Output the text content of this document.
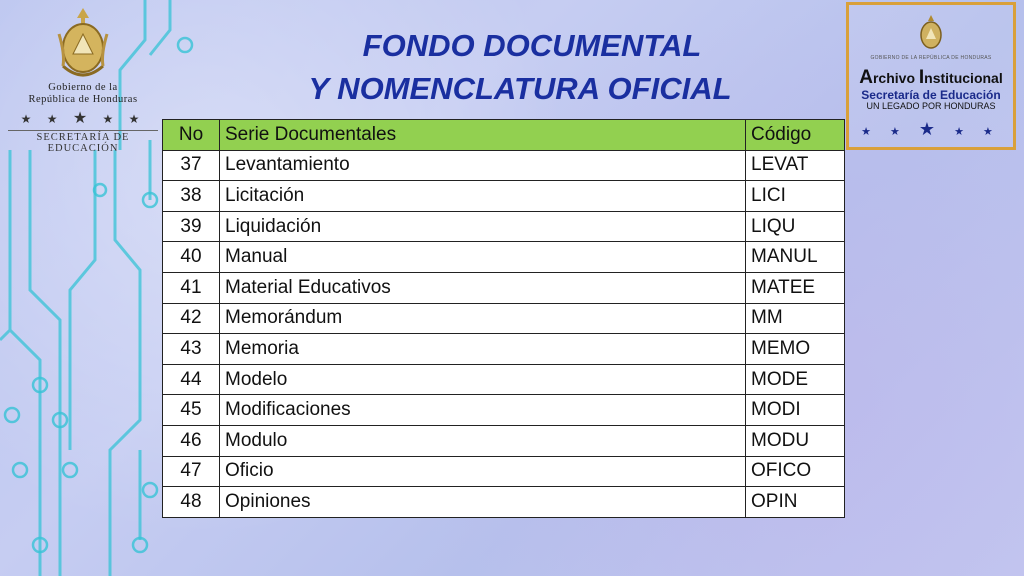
Gobierno de la
República de Honduras
★ ★ ★ ★ ★
SECRETARÍA DE EDUCACIÓN
FONDO DOCUMENTAL
Y NOMENCLATURA OFICIAL
GOBIERNO DE LA REPÚBLICA DE HONDURAS
Archivo Institucional
Secretaría de Educación
UN LEGADO POR HONDURAS
★ ★ ★ ★ ★
No	Serie Documentales	Código
37	Levantamiento	LEVAT
38	Licitación	LICI
39	Liquidación	LIQU
40	Manual	MANUL
41	Material Educativos	MATEE
42	Memorándum	MM
43	Memoria	MEMO
44	Modelo	MODE
45	Modificaciones	MODI
46	Modulo	MODU
47	Oficio	OFICO
48	Opiniones	OPIN
